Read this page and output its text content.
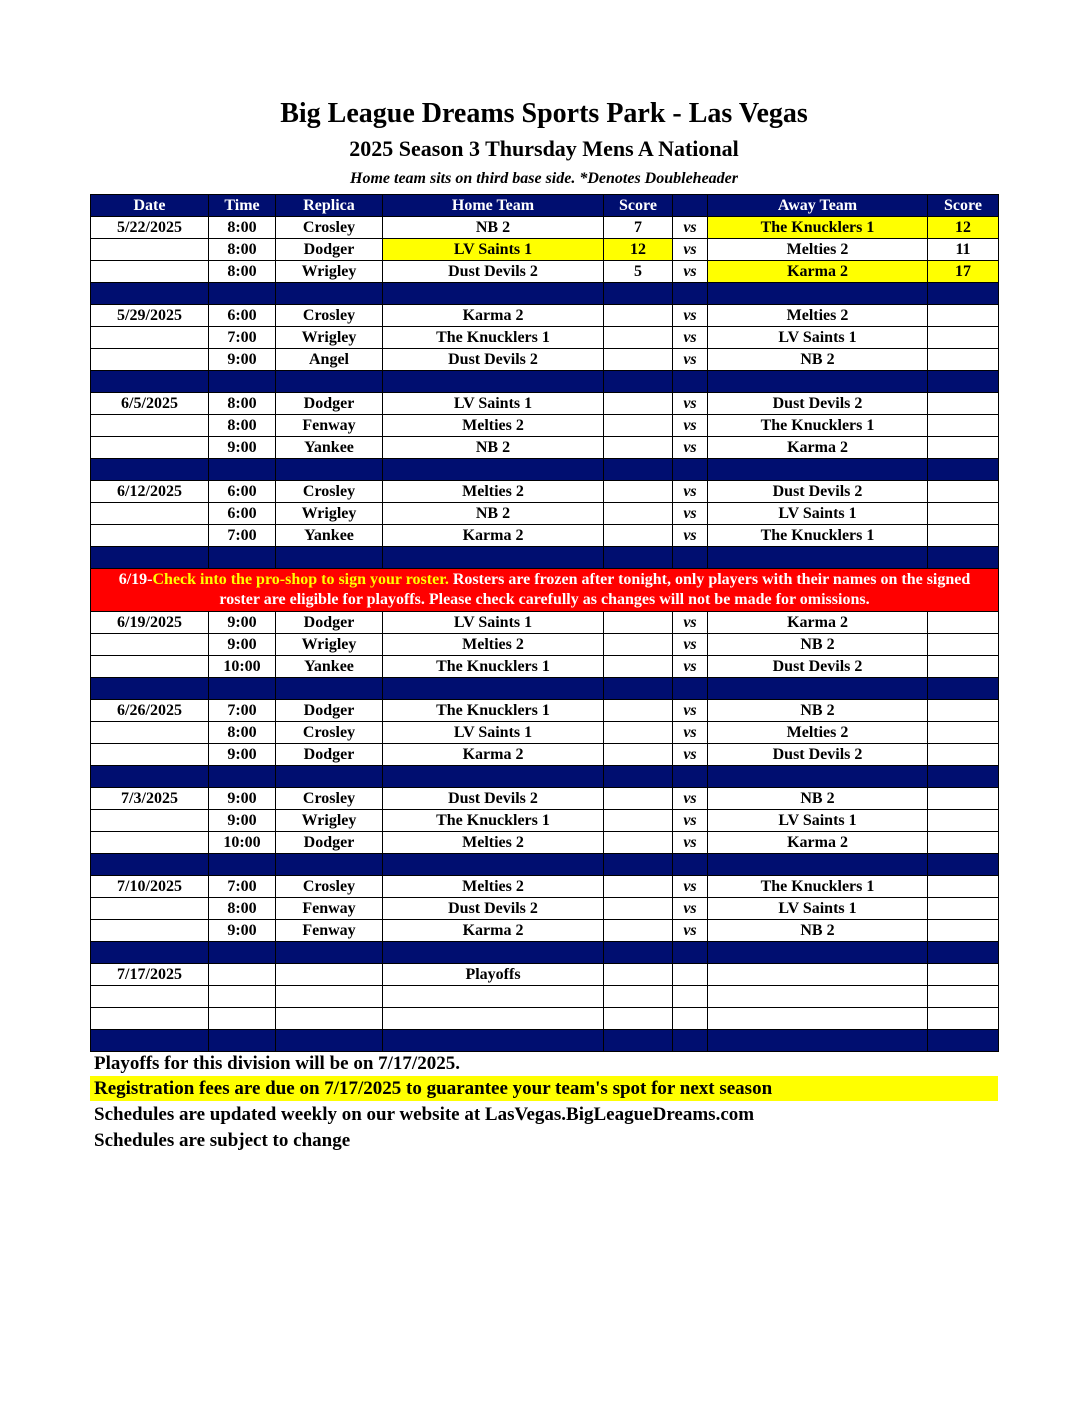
Big League Dreams Sports Park - Las Vegas
2025 Season 3 Thursday Mens A National
Home team sits on third base side. *Denotes Doubleheader
Date	Time	Replica	Home Team	Score		Away Team	Score
5/22/2025	8:00	Crosley	NB 2	7	vs	The Knucklers 1	12
	8:00	Dodger	LV Saints 1	12	vs	Melties 2	11
	8:00	Wrigley	Dust Devils 2	5	vs	Karma 2	17

5/29/2025	6:00	Crosley	Karma 2		vs	Melties 2	
	7:00	Wrigley	The Knucklers 1		vs	LV Saints 1	
	9:00	Angel	Dust Devils 2		vs	NB 2	

6/5/2025	8:00	Dodger	LV Saints 1		vs	Dust Devils 2	
	8:00	Fenway	Melties 2		vs	The Knucklers 1	
	9:00	Yankee	NB 2		vs	Karma 2	

6/12/2025	6:00	Crosley	Melties 2		vs	Dust Devils 2	
	6:00	Wrigley	NB 2		vs	LV Saints 1	
	7:00	Yankee	Karma 2		vs	The Knucklers 1	

6/19-Check into the pro-shop to sign your roster. Rosters are frozen after tonight, only players with their names on the signed roster are eligible for playoffs. Please check carefully as changes will not be made for omissions.							
6/19/2025	9:00	Dodger	LV Saints 1		vs	Karma 2	
	9:00	Wrigley	Melties 2		vs	NB 2	
	10:00	Yankee	The Knucklers 1		vs	Dust Devils 2	

6/26/2025	7:00	Dodger	The Knucklers 1		vs	NB 2	
	8:00	Crosley	LV Saints 1		vs	Melties 2	
	9:00	Dodger	Karma 2		vs	Dust Devils 2	

7/3/2025	9:00	Crosley	Dust Devils 2		vs	NB 2	
	9:00	Wrigley	The Knucklers 1		vs	LV Saints 1	
	10:00	Dodger	Melties 2		vs	Karma 2	

7/10/2025	7:00	Crosley	Melties 2		vs	The Knucklers 1	
	8:00	Fenway	Dust Devils 2		vs	LV Saints 1	
	9:00	Fenway	Karma 2		vs	NB 2	

7/17/2025			Playoffs				

Playoffs for this division will be on 7/17/2025.
Registration fees are due on 7/17/2025 to guarantee your team's spot for next season
Schedules are updated weekly on our website at LasVegas.BigLeagueDreams.com
Schedules are subject to change
